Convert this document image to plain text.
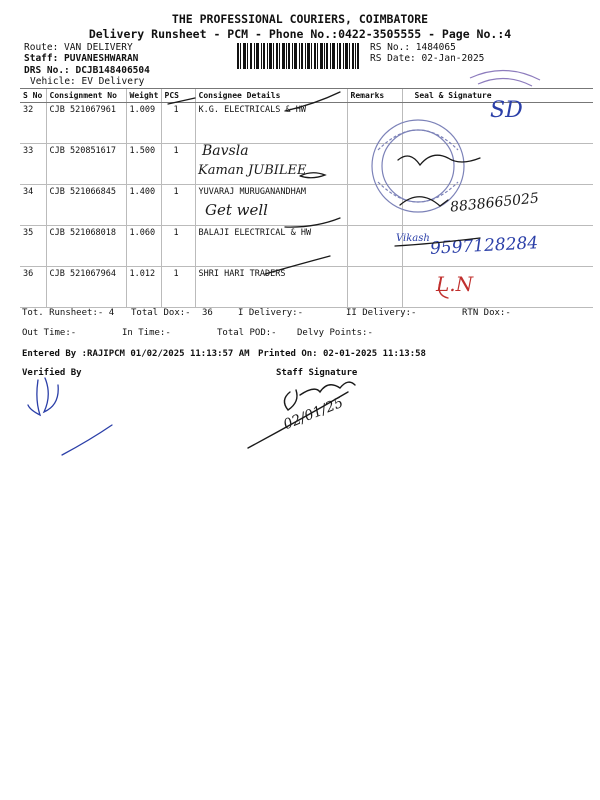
THE PROFESSIONAL COURIERS, COIMBATORE
Delivery Runsheet - PCM - Phone No.:0422-3505555 - Page No.:4
Route: VAN DELIVERY
Staff: PUVANESHWARAN
DRS No.: DCJB148406504
Vehicle: EV Delivery
RS No.: 1484065
RS Date: 02-Jan-2025
S No	Consignment No	Weight	PCS	Consignee Details	Remarks	Seal & Signature
32	CJB 521067961	1.009	1	K.G. ELECTRICALS & HW		
33	CJB 520851617	1.500	1			
34	CJB 521066845	1.400	1	YUVARAJ MURUGANANDHAM		
35	CJB 521068018	1.060	1	BALAJI ELECTRICAL & HW		
36	CJB 521067964	1.012	1	SHRI HARI TRADERS		
Tot. Runsheet:- 4 Total Dox:- 36	I Delivery:-	II Delivery:-	RTN Dox:-
Out Time:-	In Time:-	Total POD:- Delvy Points:-
Entered By :RAJIPCM 01/02/2025 11:13:57 AM Printed On: 02-01-2025 11:13:58
Verified By	Staff Signature
Bavsla
Kaman JUBILEE
Get well	8838665025
Vikash 9597128284
L.N
SD
02/01/25
